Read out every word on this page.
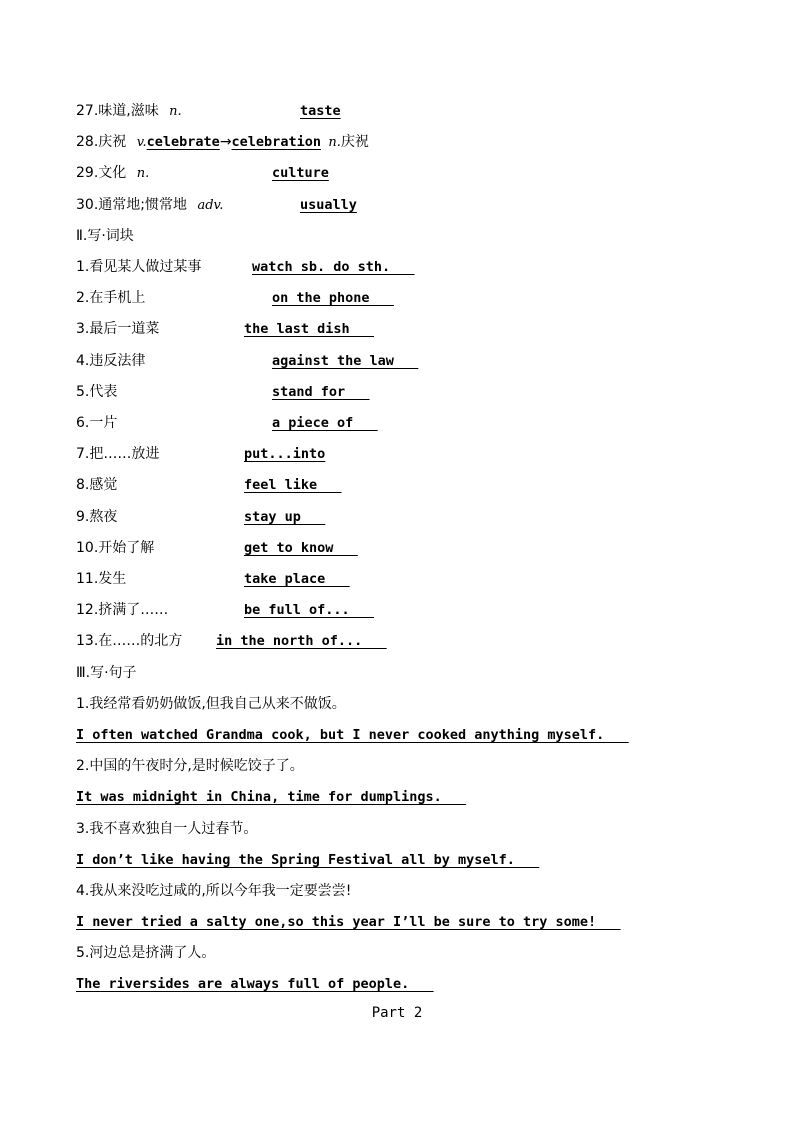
27.味道,滋味 n.	taste
28.庆祝 v.celebrate→celebration n.庆祝
29.文化 n.	culture
30.通常地;惯常地 adv.	usually
Ⅱ.写·词块
1.看见某人做过某事	watch sb. do sth.
2.在手机上	on the phone
3.最后一道菜	the last dish
4.违反法律	against the law
5.代表	stand for
6.一片	a piece of
7.把……放进	put...into
8.感觉	feel like
9.熬夜	stay up
10.开始了解	get to know
11.发生	take place
12.挤满了……	be full of...
13.在……的北方 in the north of...
Ⅲ.写·句子
1.我经常看奶奶做饭,但我自己从来不做饭。
I often watched Grandma cook, but I never cooked anything myself.
2.中国的午夜时分,是时候吃饺子了。
It was midnight in China, time for dumplings.
3.我不喜欢独自一人过春节。
I don’t like having the Spring Festival all by myself.
4.我从来没吃过咸的,所以今年我一定要尝尝!
I never tried a salty one,so this year I’ll be sure to try some!
5.河边总是挤满了人。
The riversides are always full of people.
Part 2
